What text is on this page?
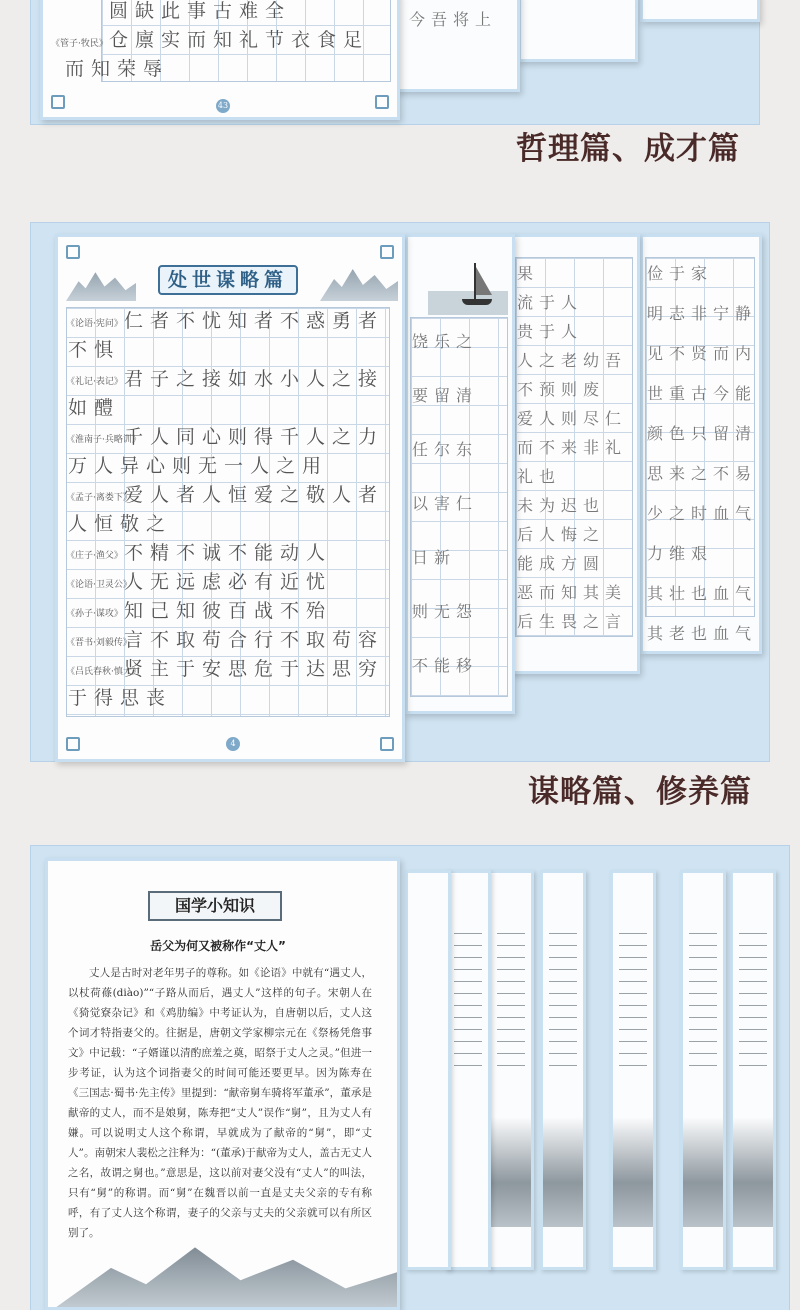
今吾将上
圆缺此事古难全
《管子·牧民》 仓廪实而知礼节衣食足
而知荣辱
43
哲理篇、成才篇
俭于家
明志非宁静
见不贤而内
世重古今能
颜色只留清
思来之不易
少之时血气
力维艰
其壮也血气
其老也血气
果
流于人
贵于人
人之老幼吾
不预则废
爱人则尽仁
而不来非礼
礼也
未为迟也
后人悔之
能成方圆
恶而知其美
后生畏之言
饶乐之
要留清
任尔东
以害仁
日新
则无怨
不能移
处世谋略篇
《论语·宪问》 仁者不忧知者不惑勇者
不惧
《礼记·表记》 君子之接如水小人之接
如醴
《淮南子·兵略训》
千人同心则得千人之力
万人异心则无一人之用
《孟子·离娄下》
爱人者人恒爱之敬人者
人恒敬之
《庄子·渔父》 不精不诚不能动人
《论语·卫灵公》
人无远虑必有近忧
《孙子·谋攻》 知己知彼百战不殆
《晋书·刘毅传》
言不取苟合行不取苟容
《吕氏春秋·慎大》
贤主于安思危于达思穷
于得思丧
4
谋略篇、修养篇
国学小知识
岳父为何又被称作“丈人”
丈人是古时对老年男子的尊称。如《论语》中就有“遇丈人，以杖荷蓧(diào)”“子路从而后，遇丈人”这样的句子。宋朝人在《猗觉寮杂记》和《鸡肋编》中考证认为，自唐朝以后，丈人这个词才特指妻父的。往据是，唐朝文学家柳宗元在《祭杨凭詹事文》中记载：“子婿谨以清酌庶羞之奠，昭祭于丈人之灵。”但进一步考证，认为这个词指妻父的时间可能还要更早。因为陈寿在《三国志·蜀书·先主传》里提到：“献帝舅车骑将军董承”，董承是献帝的丈人，而不是娘舅，陈寿把“丈人”误作“舅”，且为丈人有嫌。可以说明丈人这个称谓，早就成为了献帝的“舅”，即“丈人”。南朝宋人裴松之注释为：“(董承)于献帝为丈人，盖古无丈人之名，故谓之舅也。”意思是，这以前对妻父没有“丈人”的叫法，只有“舅”的称谓。而“舅”在魏晋以前一直是丈夫父亲的专有称呼，有了丈人这个称谓，妻子的父亲与丈夫的父亲就可以有所区别了。
